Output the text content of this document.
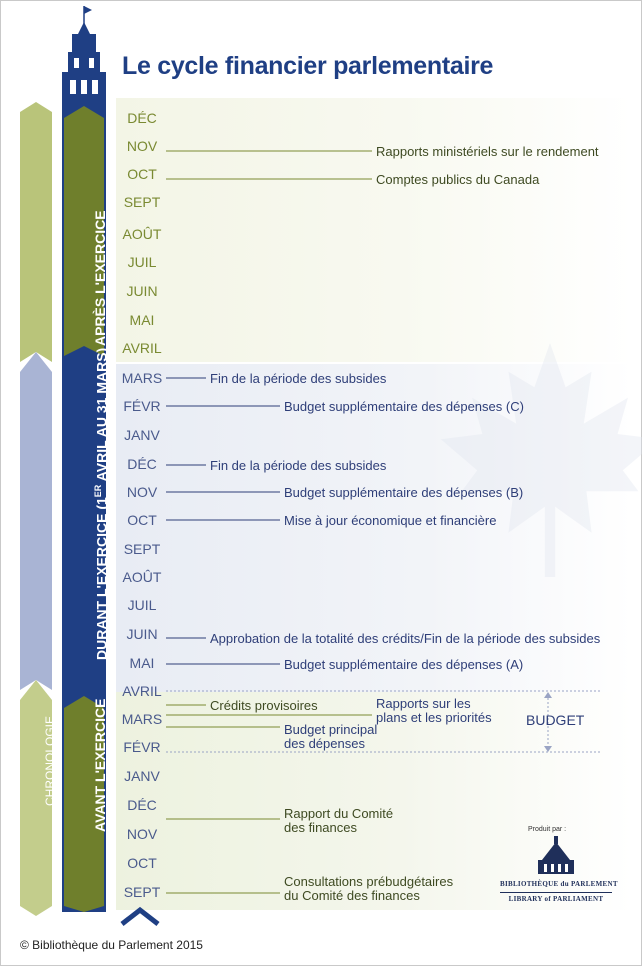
Le cycle financier parlementaire
DÉC
NOV
OCT
SEPT
AOÛT
JUIL
JUIN
MAI
AVRIL
MARS
FÉVR
JANV
DÉC
NOV
OCT
SEPT
AOÛT
JUIL
JUIN
MAI
AVRIL
MARS
FÉVR
JANV
DÉC
NOV
OCT
SEPT
APRÈS L'EXERCICE
DURANT L'EXERCICE (1ER AVRIL AU 31 MARS)
AVANT L'EXERCICE
CHRONOLOGIE
Rapports ministériels sur le rendement
Comptes publics du Canada
Fin de la période des subsides
Budget supplémentaire des dépenses (C)
Fin de la période des subsides
Budget supplémentaire des dépenses (B)
Mise à jour économique et financière
Approbation de la totalité des crédits/Fin de la période des subsides
Budget supplémentaire des dépenses (A)
Crédits provisoires	Rapports sur les
plans et les priorités
Budget principal
des dépenses
Rapport du Comité
des finances
Consultations prébudgétaires
du Comité des finances
BUDGET
Produit par :
BIBLIOTHÈQUE du PARLEMENT
LIBRARY of PARLIAMENT
© Bibliothèque du Parlement 2015
